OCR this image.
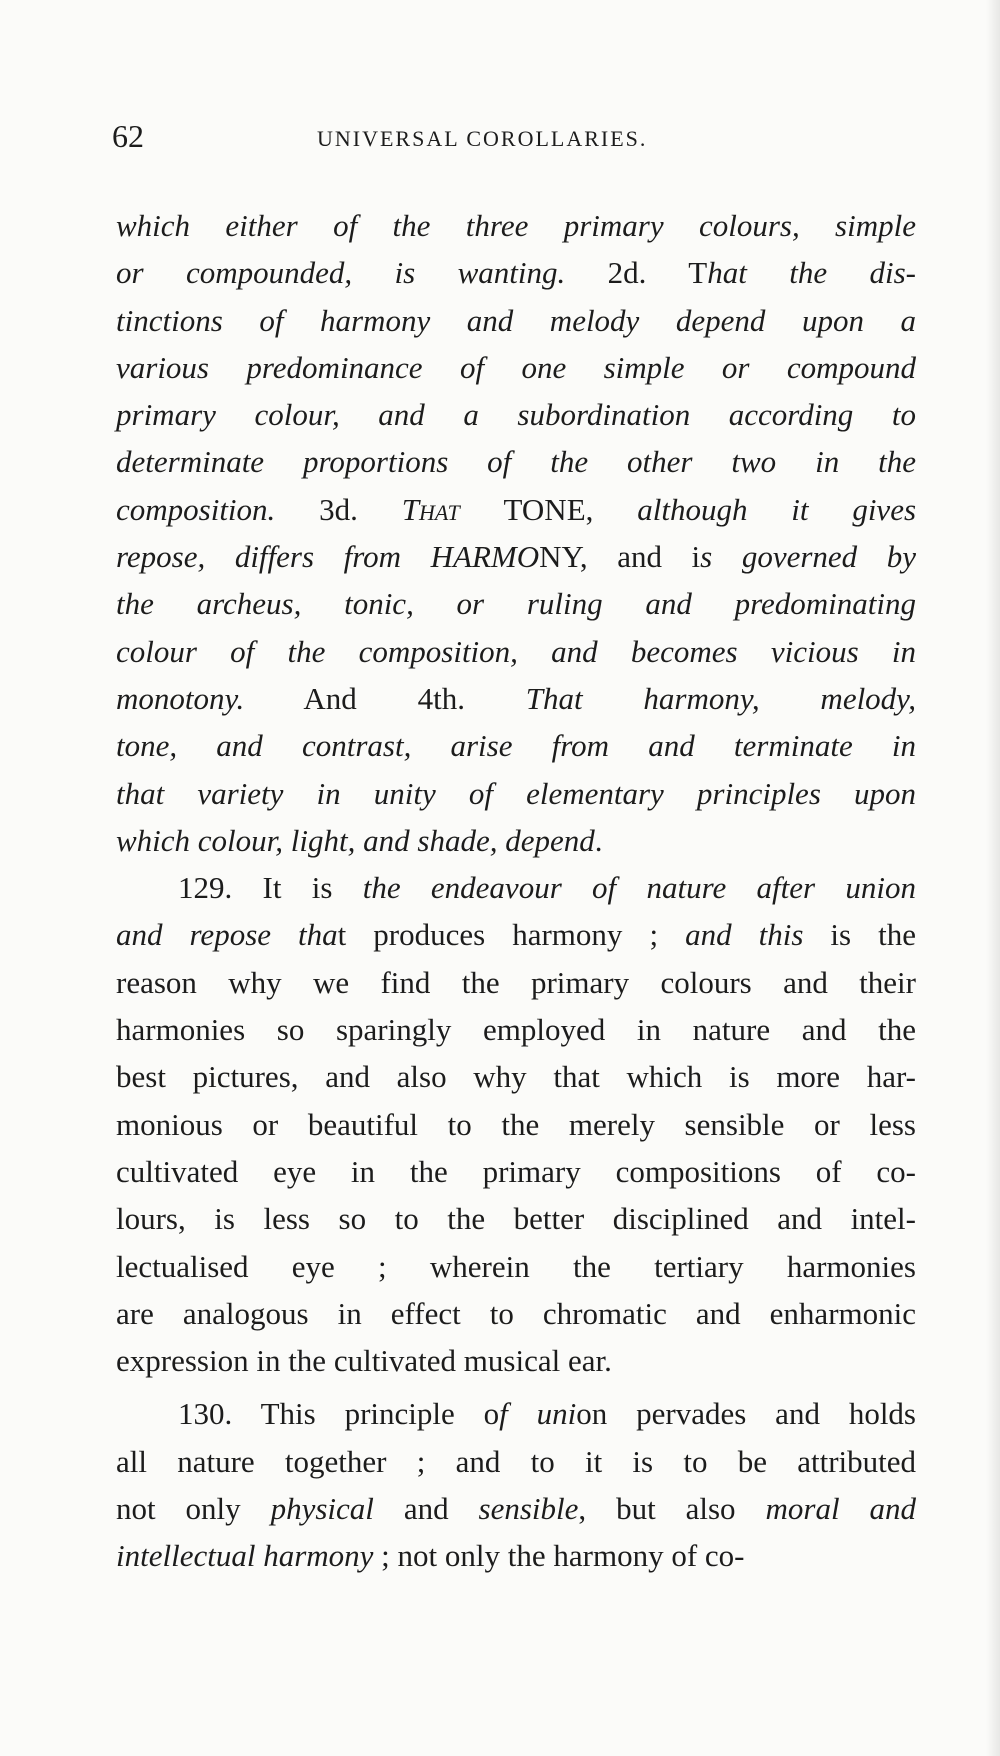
62	UNIVERSAL COROLLARIES.
which either of the three primary colours, simple
or compounded, is wanting. 2d. That the dis-
tinctions of harmony and melody depend upon a
various predominance of one simple or compound
primary colour, and a subordination according to
determinate proportions of the other two in the
composition. 3d. That TONE, although it gives
repose, differs from HARMONY, and is governed by
the archeus, tonic, or ruling and predominating
colour of the composition, and becomes vicious in
monotony. And 4th. That harmony, melody,
tone, and contrast, arise from and terminate in
that variety in unity of elementary principles upon
which colour, light, and shade, depend.
129. It is the endeavour of nature after union
and repose that produces harmony ; and this is the
reason why we find the primary colours and their
harmonies so sparingly employed in nature and the
best pictures, and also why that which is more har-
monious or beautiful to the merely sensible or less
cultivated eye in the primary compositions of co-
lours, is less so to the better disciplined and intel-
lectualised eye ; wherein the tertiary harmonies
are analogous in effect to chromatic and enharmonic
expression in the cultivated musical ear.
130. This principle of union pervades and holds
all nature together ; and to it is to be attributed
not only physical and sensible, but also moral and
intellectual harmony ; not only the harmony of co-
